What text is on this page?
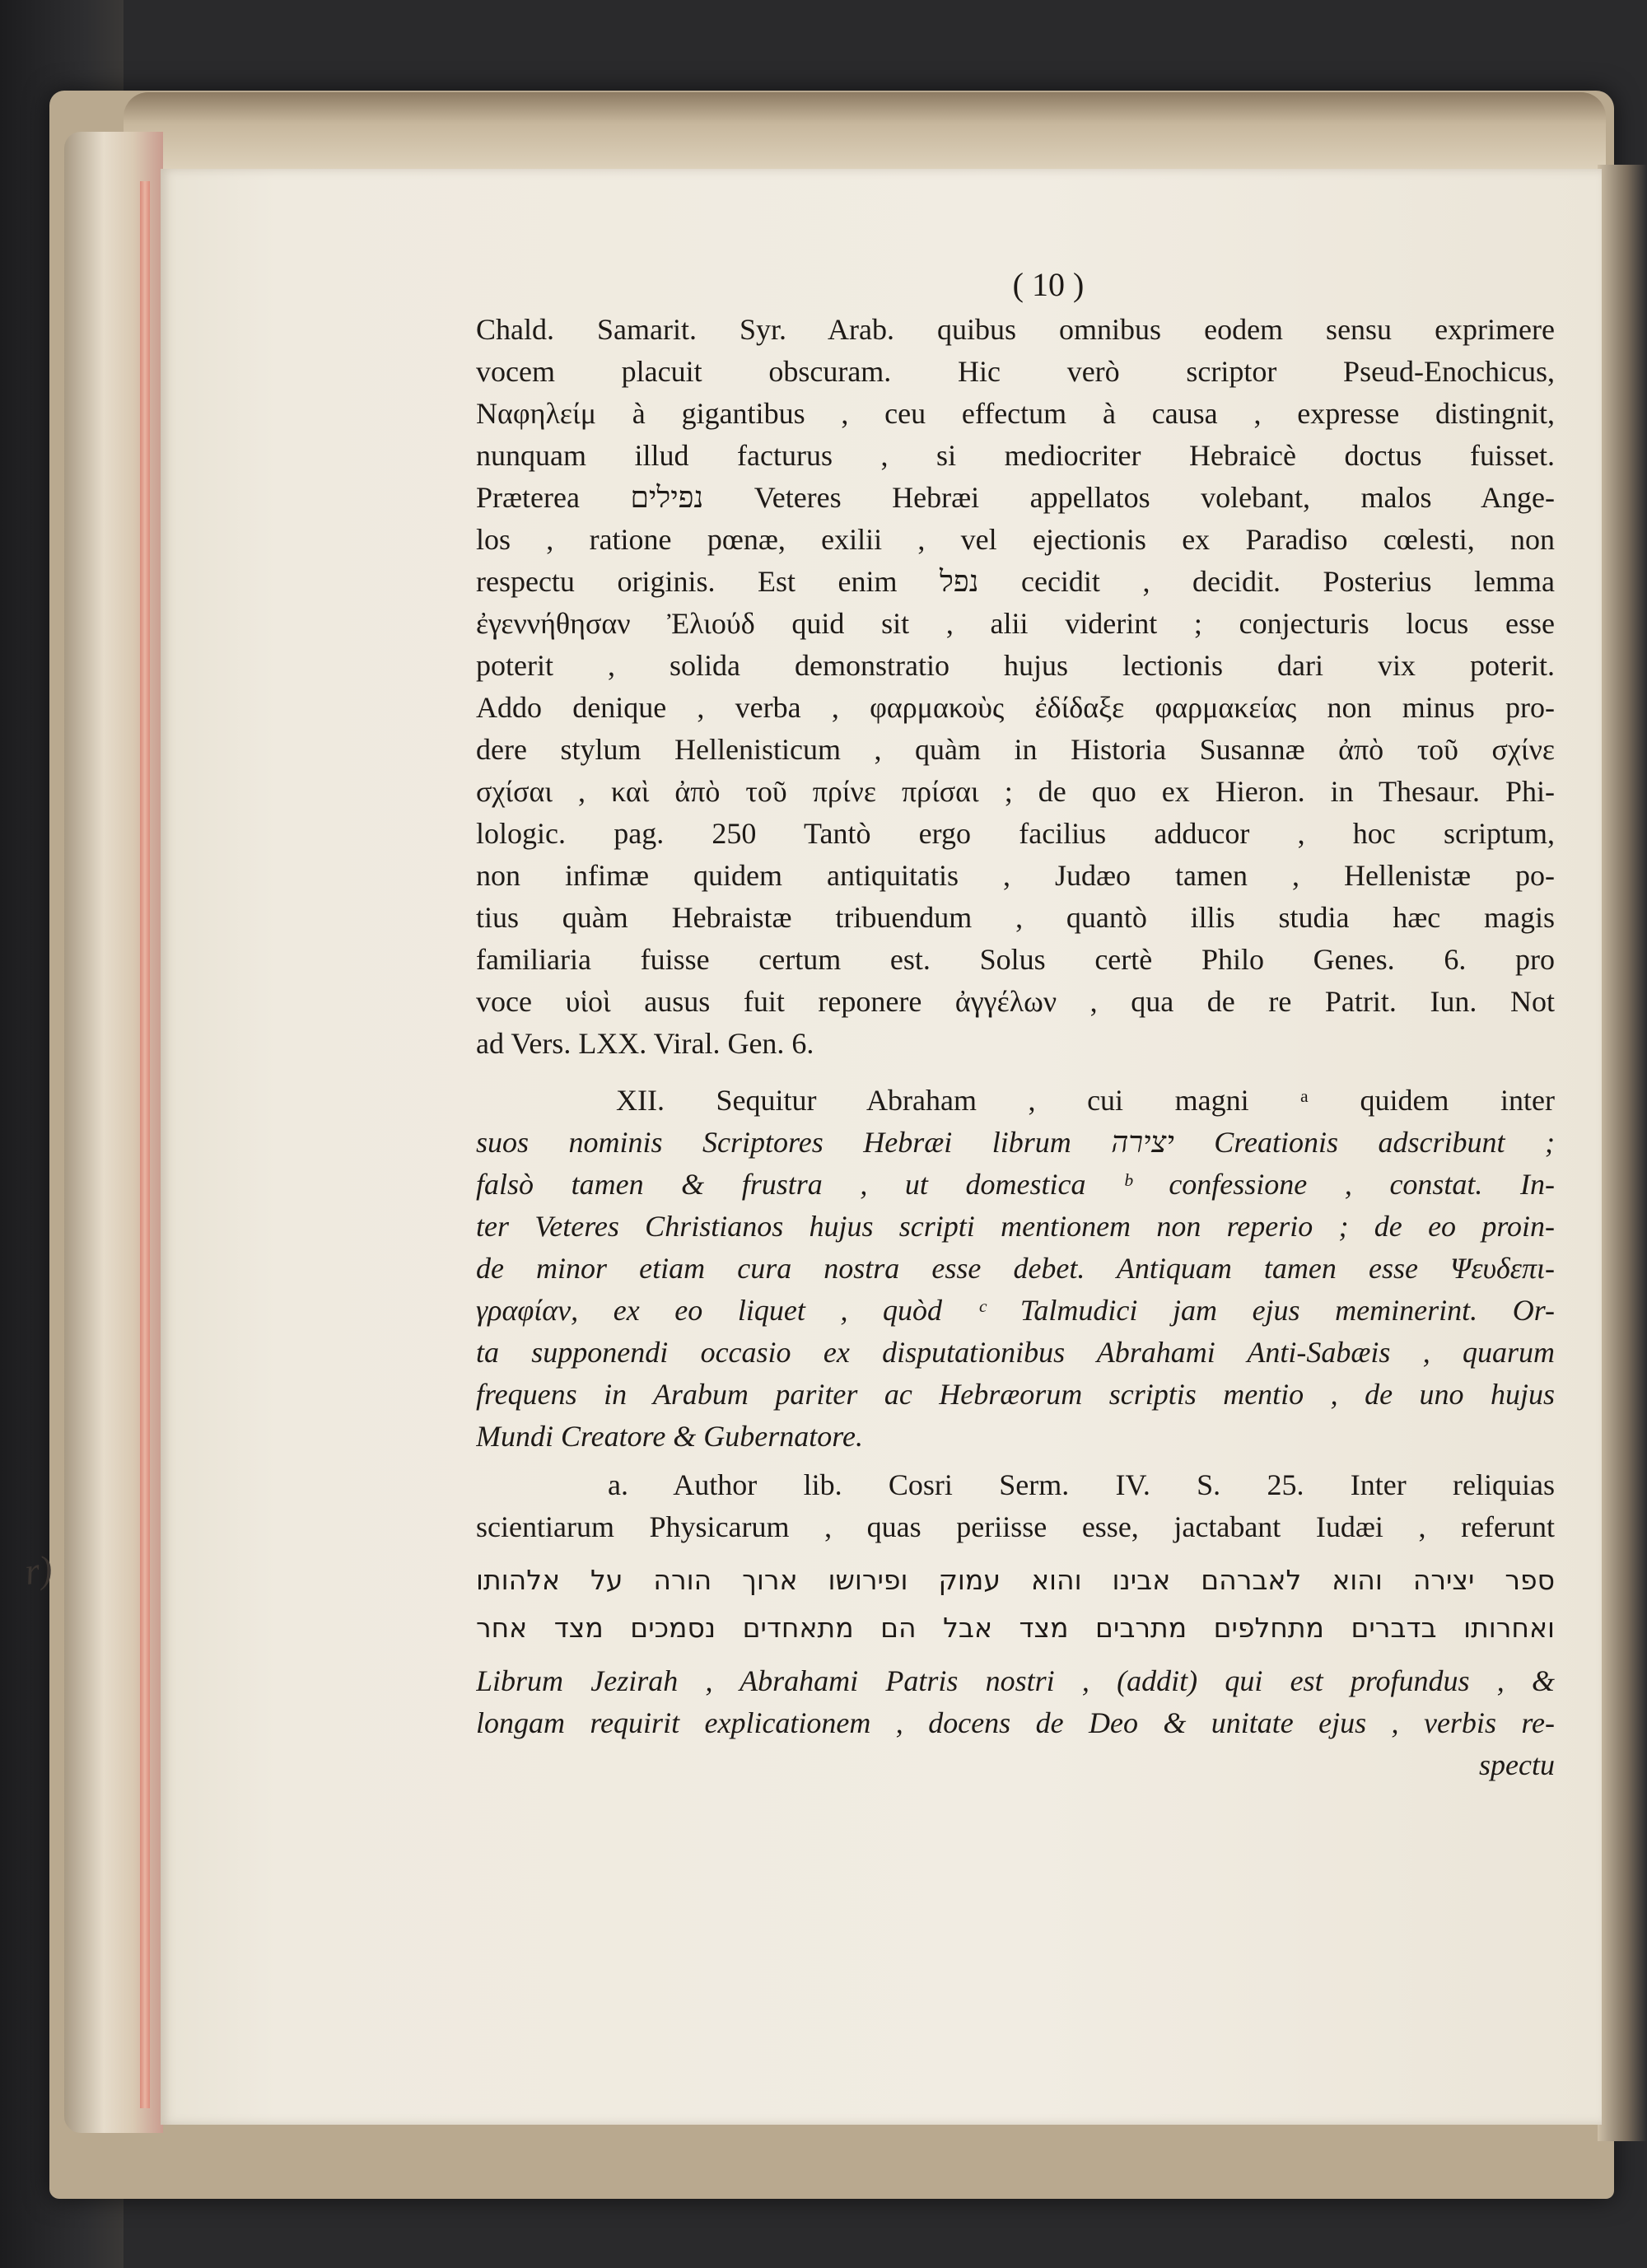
r)
( 10 )
Chald. Samarit. Syr. Arab. quibus omnibus eodem sensu exprimere
vocem placuit obscuram. Hic verò scriptor Pseud-Enochicus,
Ναφηλείμ à gigantibus , ceu effectum à causa , expresse distingnit,
nunquam illud facturus , si mediocriter Hebraicè doctus fuisset.
Præterea נפילים Veteres Hebræi appellatos volebant, malos Ange-
los , ratione pœnæ, exilii , vel ejectionis ex Paradiso cœlesti, non
respectu originis. Est enim נפל cecidit , decidit. Posterius lemma
ἐγεννήθησαν Ἐλιούδ quid sit , alii viderint ; conjecturis locus esse
poterit , solida demonstratio hujus lectionis dari vix poterit.
Addo denique , verba , φαρμακοὺς ἐδίδαξε φαρμακείας non minus pro-
dere stylum Hellenisticum , quàm in Historia Susannæ ἀπὸ τοῦ σχίνε
σχίσαι , καὶ ἀπὸ τοῦ πρίνε πρίσαι ; de quo ex Hieron. in Thesaur. Phi-
lologic. pag. 250 Tantò ergo facilius adducor , hoc scriptum,
non infimæ quidem antiquitatis , Judæo tamen , Hellenistæ po-
tius quàm Hebraistæ tribuendum , quantò illis studia hæc magis
familiaria fuisse certum est. Solus certè Philo Genes. 6. pro
voce υἱοὶ ausus fuit reponere ἀγγέλων , qua de re Patrit. Iun. Not
ad Vers. LXX. Viral. Gen. 6.
XII. Sequitur Abraham , cui magni ᵃ quidem inter
suos nominis Scriptores Hebræi librum יצירה Creationis adscribunt ;
falsò tamen & frustra , ut domestica ᵇ confessione , constat. In-
ter Veteres Christianos hujus scripti mentionem non reperio ; de eo proin-
de minor etiam cura nostra esse debet. Antiquam tamen esse Ψευδεπι-
γραφίαν, ex eo liquet , quòd ᶜ Talmudici jam ejus meminerint. Or-
ta supponendi occasio ex disputationibus Abrahami Anti-Sabæis , quarum
frequens in Arabum pariter ac Hebræorum scriptis mentio , de uno hujus
Mundi Creatore & Gubernatore.
a. Author lib. Cosri Serm. IV. S. 25. Inter reliquias
scientiarum Physicarum , quas periisse esse, jactabant Iudæi , referunt
ספר יצירה והוא לאברהם אבינו והוא עמוק ופירושו ארוך הורה על אלהותו
ואחרותו בדברים מתחלפים מתרבים מצד אבל הם מתאחדים נסמכים מצד אחר
Librum Jezirah , Abrahami Patris nostri , (addit) qui est profundus , &
longam requirit explicationem , docens de Deo & unitate ejus , verbis re-
spectu
